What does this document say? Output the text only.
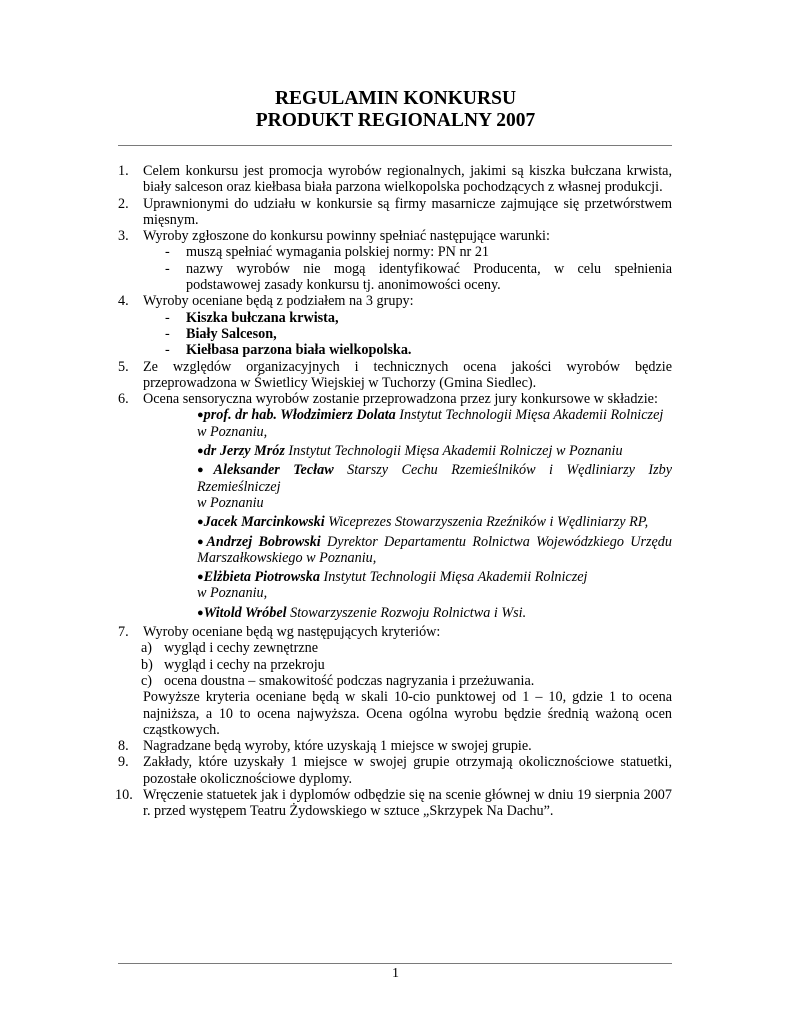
REGULAMIN KONKURSU
PRODUKT REGIONALNY 2007
1.	Celem konkursu jest promocja wyrobów regionalnych, jakimi są kiszka bułczana krwista, biały salceson oraz kiełbasa biała parzona wielkopolska pochodzących z własnej produkcji.
2.	Uprawnionymi do udziału w konkursie są firmy masarnicze zajmujące się przetwórstwem mięsnym.
3.	Wyroby zgłoszone do konkursu powinny spełniać następujące warunki:
-	muszą spełniać wymagania polskiej normy: PN nr 21
-	nazwy wyrobów nie mogą identyfikować Producenta, w celu spełnienia podstawowej zasady konkursu tj. anonimowości oceny.
4.	Wyroby oceniane będą z podziałem na 3 grupy:
-	Kiszka bułczana krwista,
-	Biały Salceson,
-	Kiełbasa parzona biała wielkopolska.
5.	Ze względów organizacyjnych i technicznych ocena jakości wyrobów będzie przeprowadzona w Świetlicy Wiejskiej w Tuchorzy (Gmina Siedlec).
6.	Ocena sensoryczna wyrobów zostanie przeprowadzona przez jury konkursowe w składzie:
●prof. dr hab. Włodzimierz Dolata Instytut Technologii Mięsa Akademii Rolniczej
w Poznaniu,
●dr Jerzy Mróz Instytut Technologii Mięsa Akademii Rolniczej w Poznaniu
●Aleksander Tecław Starszy Cechu Rzemieślników i Wędliniarzy Izby Rzemieślniczej
w Poznaniu
●Jacek Marcinkowski Wiceprezes Stowarzyszenia Rzeźników i Wędliniarzy RP,
●Andrzej Bobrowski Dyrektor Departamentu Rolnictwa Wojewódzkiego Urzędu Marszałkowskiego w Poznaniu,
●Elżbieta Piotrowska Instytut Technologii Mięsa Akademii Rolniczej
w Poznaniu,
●Witold Wróbel Stowarzyszenie Rozwoju Rolnictwa i Wsi.
7.	Wyroby oceniane będą wg następujących kryteriów:
a) wygląd i cechy zewnętrzne
b) wygląd i cechy na przekroju
c) ocena doustna – smakowitość podczas nagryzania i przeżuwania.
Powyższe kryteria oceniane będą w skali 10-cio punktowej od 1 – 10, gdzie 1 to ocena najniższa, a 10 to ocena najwyższa. Ocena ogólna wyrobu będzie średnią ważoną ocen cząstkowych.
8.	Nagradzane będą wyroby, które uzyskają 1 miejsce w swojej grupie.
9.	Zakłady, które uzyskały 1 miejsce w swojej grupie otrzymają okolicznościowe statuetki, pozostałe okolicznościowe dyplomy.
10. Wręczenie statuetek jak i dyplomów odbędzie się na scenie głównej w dniu 19 sierpnia 2007 r. przed występem Teatru Żydowskiego w sztuce „Skrzypek Na Dachu”.
1
